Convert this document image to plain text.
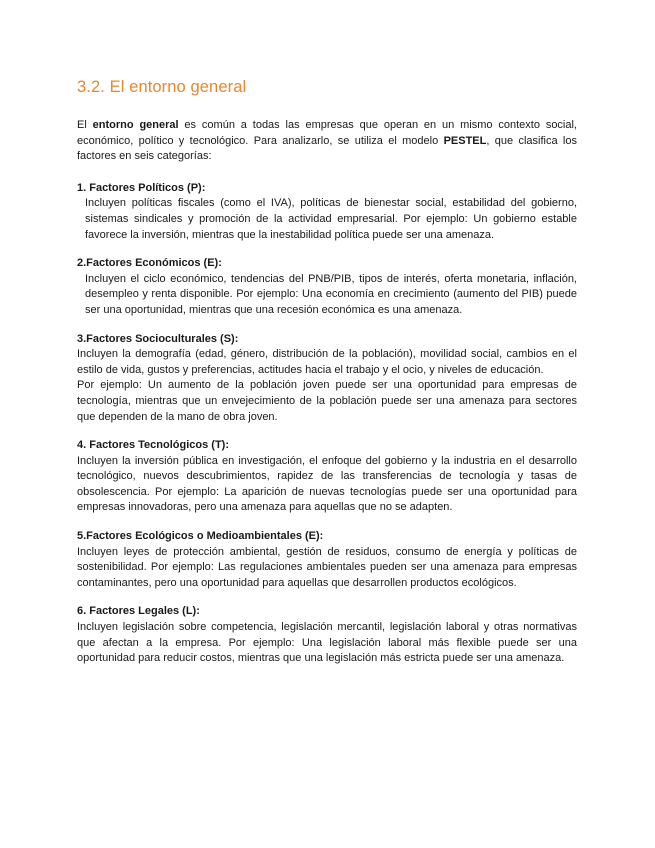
3.2. El entorno general

El entorno general es común a todas las empresas que operan en un mismo contexto social, económico, político y tecnológico. Para analizarlo, se utiliza el modelo PESTEL, que clasifica los factores en seis categorías:

1. Factores Políticos (P):

Incluyen políticas fiscales (como el IVA), políticas de bienestar social, estabilidad del gobierno, sistemas sindicales y promoción de la actividad empresarial. Por ejemplo: Un gobierno estable favorece la inversión, mientras que la inestabilidad política puede ser una amenaza.

2.Factores Económicos (E):

Incluyen el ciclo económico, tendencias del PNB/PIB, tipos de interés, oferta monetaria, inflación, desempleo y renta disponible. Por ejemplo: Una economía en crecimiento (aumento del PIB) puede ser una oportunidad, mientras que una recesión económica es una amenaza.

3.Factores Socioculturales (S):

Incluyen la demografía (edad, género, distribución de la población), movilidad social, cambios en el estilo de vida, gustos y preferencias, actitudes hacia el trabajo y el ocio, y niveles de educación.

Por ejemplo: Un aumento de la población joven puede ser una oportunidad para empresas de tecnología, mientras que un envejecimiento de la población puede ser una amenaza para sectores que dependen de la mano de obra joven.

4. Factores Tecnológicos (T):

Incluyen la inversión pública en investigación, el enfoque del gobierno y la industria en el desarrollo tecnológico, nuevos descubrimientos, rapidez de las transferencias de tecnología y tasas de obsolescencia. Por ejemplo: La aparición de nuevas tecnologías puede ser una oportunidad para empresas innovadoras, pero una amenaza para aquellas que no se adapten.

5.Factores Ecológicos o Medioambientales (E):

Incluyen leyes de protección ambiental, gestión de residuos, consumo de energía y políticas de sostenibilidad. Por ejemplo: Las regulaciones ambientales pueden ser una amenaza para empresas contaminantes, pero una oportunidad para aquellas que desarrollen productos ecológicos.

6. Factores Legales (L):

Incluyen legislación sobre competencia, legislación mercantil, legislación laboral y otras normativas que afectan a la empresa. Por ejemplo: Una legislación laboral más flexible puede ser una oportunidad para reducir costos, mientras que una legislación más estricta puede ser una amenaza.
